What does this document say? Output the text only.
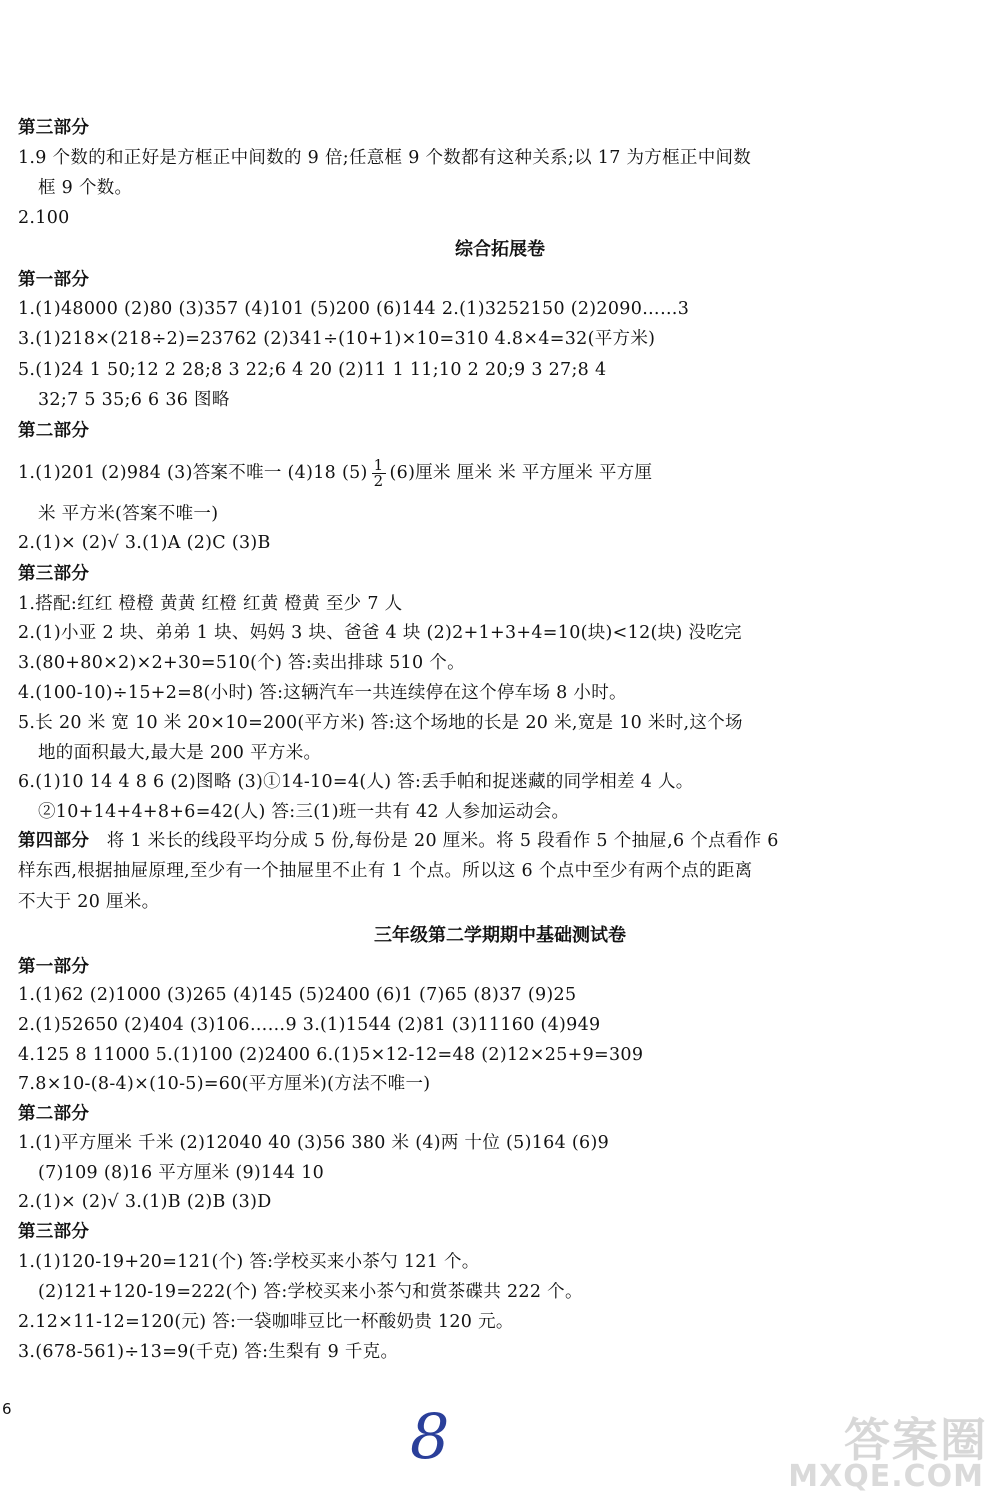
第三部分
1.9 个数的和正好是方框正中间数的 9 倍;任意框 9 个数都有这种关系;以 17 为方框正中间数
框 9 个数。
2.100
综合拓展卷
第一部分
1.(1)48000 (2)80 (3)357 (4)101 (5)200 (6)144 2.(1)3252150 (2)2090……3
3.(1)218×(218÷2)=23762 (2)341÷(10+1)×10=310 4.8×4=32(平方米)
5.(1)24 1 50;12 2 28;8 3 22;6 4 20 (2)11 1 11;10 2 20;9 3 27;8 4
32;7 5 35;6 6 36 图略
第二部分
1.(1)201 (2)984 (3)答案不唯一 (4)18 $(5) \frac{1}{2} (6)$厘米 厘米 米 平方厘米 平方厘
米 平方米(答案不唯一)
2.(1)× (2)√ 3.(1)A (2)C (3)B
第三部分
1.搭配:红红 橙橙 黄黄 红橙 红黄 橙黄 至少 7 人
2.(1)小亚 2 块、弟弟 1 块、妈妈 3 块、爸爸 4 块 (2)2+1+3+4=10(块)<12(块) 没吃完
3.(80+80×2)×2+30=510(个) 答:卖出排球 510 个。
4.(100-10)÷15+2=8(小时) 答:这辆汽车一共连续停在这个停车场 8 小时。
5.长 20 米 宽 10 米 20×10=200(平方米) 答:这个场地的长是 20 米,宽是 10 米时,这个场
地的面积最大,最大是 200 平方米。
6.(1)10 14 4 8 6 (2)图略 (3)①14-10=4(人) 答:丢手帕和捉迷藏的同学相差 4 人。
②10+14+4+8+6=42(人) 答:三(1)班一共有 42 人参加运动会。
第四部分 将 1 米长的线段平均分成 5 份,每份是 20 厘米。将 5 段看作 5 个抽屉,6 个点看作 6
样东西,根据抽屉原理,至少有一个抽屉里不止有 1 个点。所以这 6 个点中至少有两个点的距离
不大于 20 厘米。
三年级第二学期期中基础测试卷
第一部分
1.(1)62 (2)1000 (3)265 (4)145 (5)2400 (6)1 (7)65 (8)37 (9)25
2.(1)52650 (2)404 (3)106……9 3.(1)1544 (2)81 (3)11160 (4)949
4.125 8 11000 5.(1)100 (2)2400 6.(1)5×12-12=48 (2)12×25+9=309
7.8×10-(8-4)×(10-5)=60(平方厘米)(方法不唯一)
第二部分
1.(1)平方厘米 千米 (2)12040 40 (3)56 380 米 (4)两 十位 (5)164 (6)9
(7)109 (8)16 平方厘米 (9)144 10
2.(1)× (2)√ 3.(1)B (2)B (3)D
第三部分
1.(1)120-19+20=121(个) 答:学校买来小茶勺 121 个。
(2)121+120-19=222(个) 答:学校买来小茶勺和赏茶碟共 222 个。
2.12×11-12=120(元) 答:一袋咖啡豆比一杯酸奶贵 120 元。
3.(678-561)÷13=9(千克) 答:生梨有 9 千克。
6	8	答案圈
MXQE.COM
